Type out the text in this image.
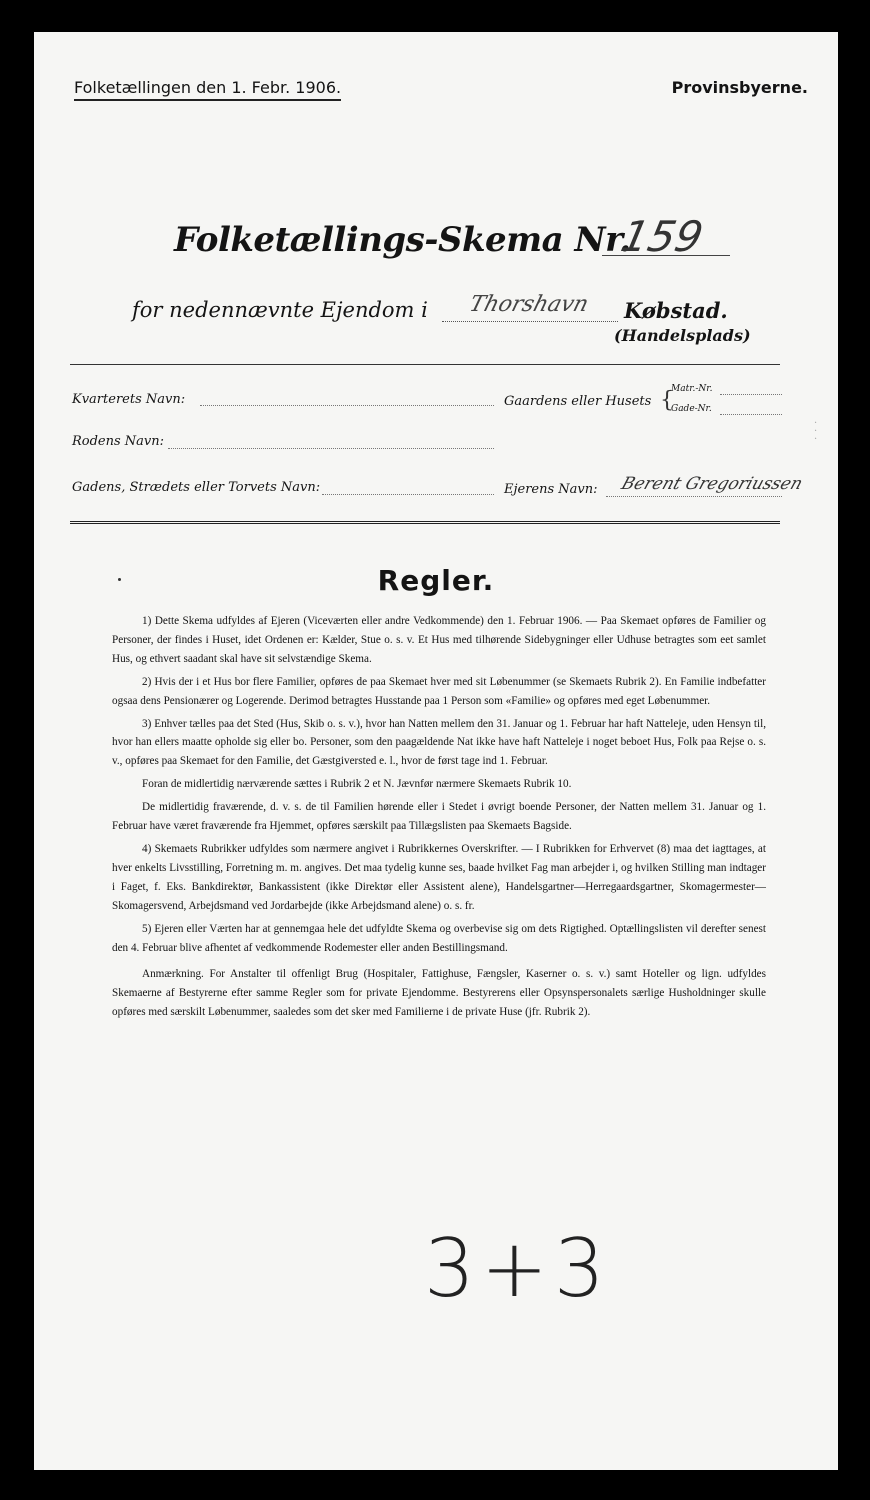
Folketællingen den 1. Febr. 1906.	Provinsbyerne.
Folketællings-Skema Nr.
159
for nedennævnte Ejendom i Thorshavn Købstad.
(Handelsplads)
Kvarterets Navn:	Gaardens eller Husets {
Matr.-Nr.
Gade-Nr.
Rodens Navn:
Gadens, Strædets eller Torvets Navn:	Ejerens Navn: Berent Gregoriussen
Regler.

1) Dette Skema udfyldes af Ejeren (Viceværten eller andre Vedkommende) den 1. Februar 1906. — Paa Skemaet opføres de Familier og Personer, der findes i Huset, idet Ordenen er: Kælder, Stue o. s. v. Et Hus med tilhørende Sidebygninger eller Udhuse betragtes som eet samlet Hus, og ethvert saadant skal have sit selvstændige Skema.

2) Hvis der i et Hus bor flere Familier, opføres de paa Skemaet hver med sit Løbenummer (se Skemaets Rubrik 2). En Familie indbefatter ogsaa dens Pensionærer og Logerende. Derimod betragtes Husstande paa 1 Person som «Familie» og opføres med eget Løbenummer.

3) Enhver tælles paa det Sted (Hus, Skib o. s. v.), hvor han Natten mellem den 31. Januar og 1. Februar har haft Natteleje, uden Hensyn til, hvor han ellers maatte opholde sig eller bo. Personer, som den paagældende Nat ikke have haft Natteleje i noget beboet Hus, Folk paa Rejse o. s. v., opføres paa Skemaet for den Familie, det Gæstgiversted e. l., hvor de først tage ind 1. Februar.

Foran de midlertidig nærværende sættes i Rubrik 2 et N. Jævnfør nærmere Skemaets Rubrik 10.

De midlertidig fraværende, d. v. s. de til Familien hørende eller i Stedet i øvrigt boende Personer, der Natten mellem 31. Januar og 1. Februar have været fraværende fra Hjemmet, opføres særskilt paa Tillægslisten paa Skemaets Bagside.

4) Skemaets Rubrikker udfyldes som nærmere angivet i Rubrikkernes Overskrifter. — I Rubrikken for Erhvervet (8) maa det iagttages, at hver enkelts Livsstilling, Forretning m. m. angives. Det maa tydelig kunne ses, baade hvilket Fag man arbejder i, og hvilken Stilling man indtager i Faget, f. Eks. Bankdirektør, Bankassistent (ikke Direktør eller Assistent alene), Handelsgartner—Herregaardsgartner, Skomagermester—Skomagersvend, Arbejdsmand ved Jordarbejde (ikke Arbejdsmand alene) o. s. fr.

5) Ejeren eller Værten har at gennemgaa hele det udfyldte Skema og overbevise sig om dets Rigtighed. Optællingslisten vil derefter senest den 4. Februar blive afhentet af vedkommende Rodemester eller anden Bestillingsmand.

Anmærkning. For Anstalter til offenligt Brug (Hospitaler, Fattighuse, Fængsler, Kaserner o. s. v.) samt Hoteller og lign. udfyldes Skemaerne af Bestyrerne efter samme Regler som for private Ejendomme. Bestyrerens eller Opsynspersonalets særlige Husholdninger skulle opføres med særskilt Løbenummer, saaledes som det sker med Familierne i de private Huse (jfr. Rubrik 2).

3+3
·
·
·
